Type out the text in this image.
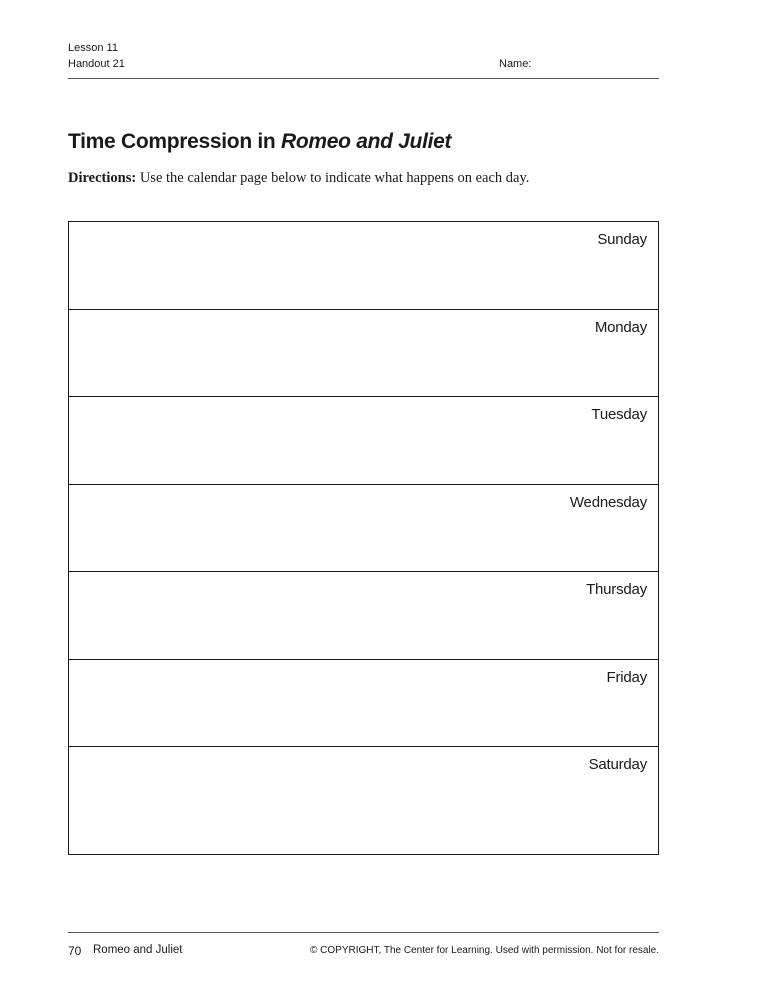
Lesson 11
Handout 21	Name:
Time Compression in Romeo and Juliet

Directions: Use the calendar page below to indicate what happens on each day.

Sunday
Monday
Tuesday
Wednesday
Thursday
Friday
Saturday
70 Romeo and Juliet	© COPYRIGHT, The Center for Learning. Used with permission. Not for resale.
